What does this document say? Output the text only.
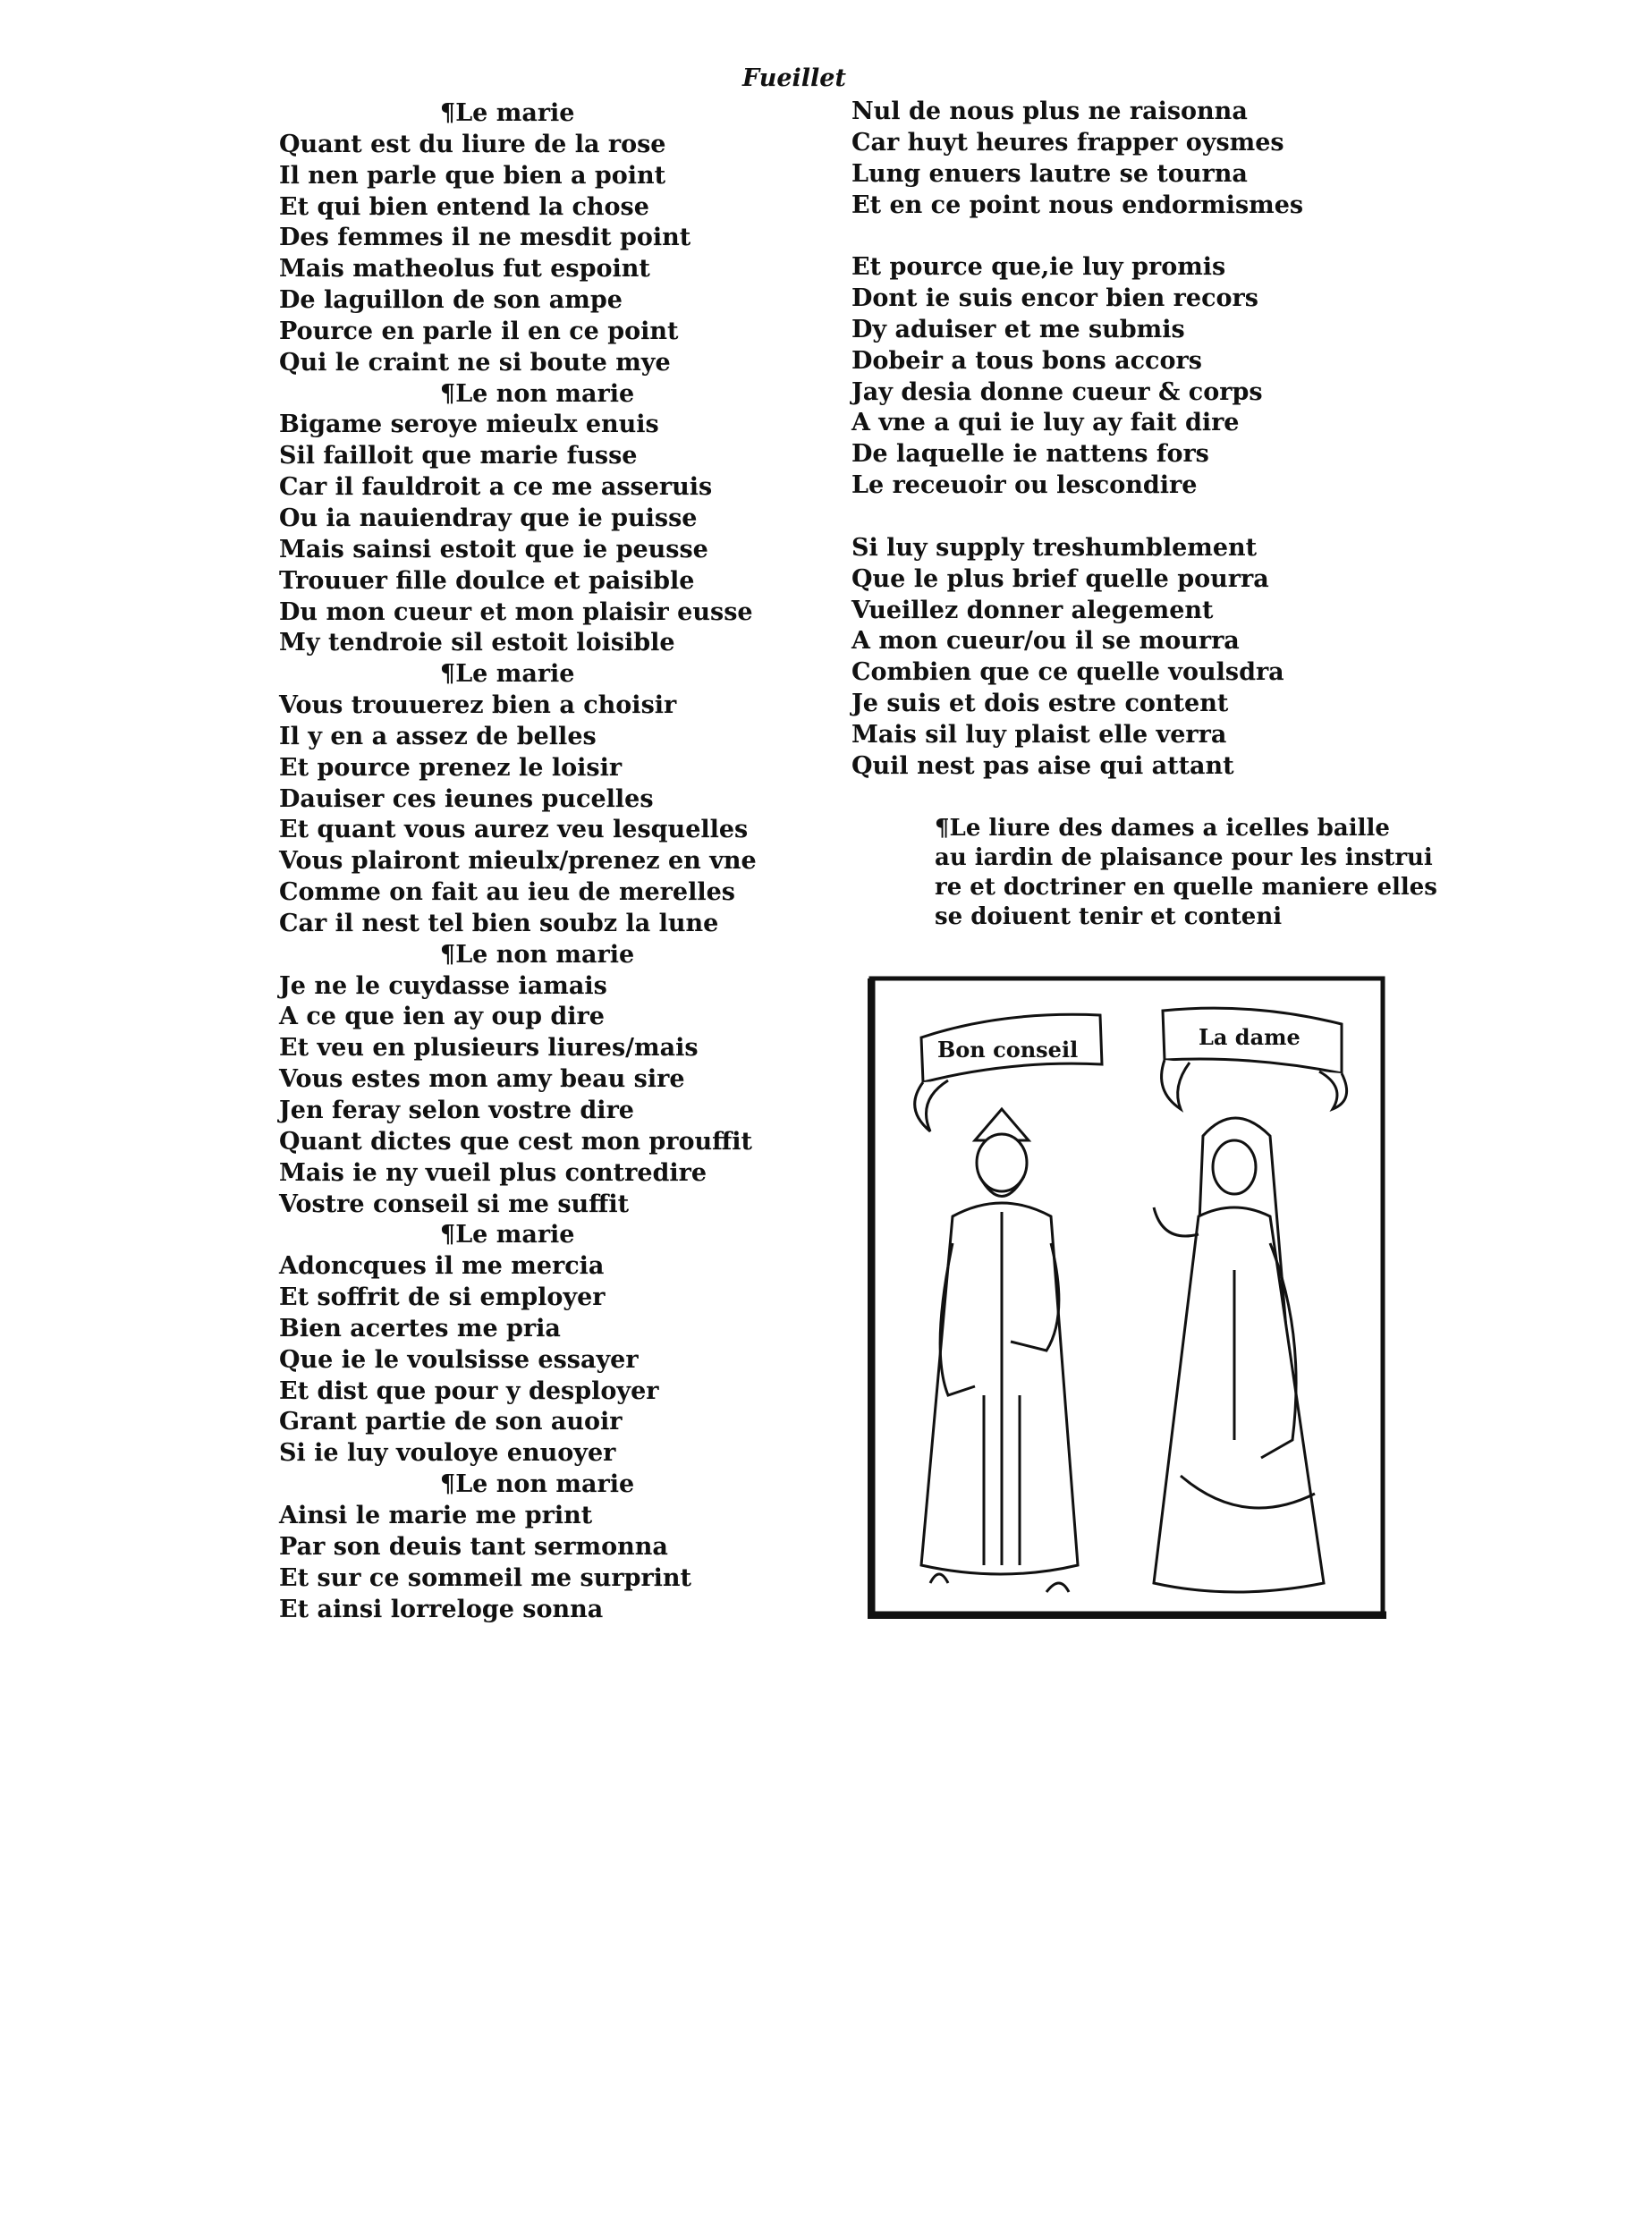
Fueillet
¶Le marie
Quant est du liure de la rose
Il nen parle que bien a point
Et qui bien entend la chose
Des femmes il ne mesdit point
Mais matheolus fut espoint
De laguillon de son ampe
Pource en parle il en ce point
Qui le craint ne si boute mye
¶Le non marie
Bigame seroye mieulx enuis
Sil failloit que marie fusse
Car il fauldroit a ce me asseruis
Ou ia nauiendray que ie puisse
Mais sainsi estoit que ie peusse
Trouuer fille doulce et paisible
Du mon cueur et mon plaisir eusse
My tendroie sil estoit loisible
¶Le marie
Vous trouuerez bien a choisir
Il y en a assez de belles
Et pource prenez le loisir
Dauiser ces ieunes pucelles
Et quant vous aurez veu lesquelles
Vous plairont mieulx/prenez en vne
Comme on fait au ieu de merelles
Car il nest tel bien soubz la lune
¶Le non marie
Je ne le cuydasse iamais
A ce que ien ay oup dire
Et veu en plusieurs liures/mais
Vous estes mon amy beau sire
Jen feray selon vostre dire
Quant dictes que cest mon prouffit
Mais ie ny vueil plus contredire
Vostre conseil si me suffit
¶Le marie
Adoncques il me mercia
Et soffrit de si employer
Bien acertes me pria
Que ie le voulsisse essayer
Et dist que pour y desployer
Grant partie de son auoir
Si ie luy vouloye enuoyer
¶Le non marie
Ainsi le marie me print
Par son deuis tant sermonna
Et sur ce sommeil me surprint
Et ainsi lorreloge sonna
Nul de nous plus ne raisonna
Car huyt heures frapper oysmes
Lung enuers lautre se tourna
Et en ce point nous endormismes
Et pource que,ie luy promis
Dont ie suis encor bien recors
Dy aduiser et me submis
Dobeir a tous bons accors
Jay desia donne cueur & corps
A vne a qui ie luy ay fait dire
De laquelle ie nattens fors
Le receuoir ou lescondire
Si luy supply treshumblement
Que le plus brief quelle pourra
Vueillez donner alegement
A mon cueur/ou il se mourra
Combien que ce quelle voulsdra
Je suis et dois estre content
Mais sil luy plaist elle verra
Quil nest pas aise qui attant
¶Le liure des dames a icelles baille
au iardin de plaisance pour les instrui
re et doctriner en quelle maniere elles
se doiuent tenir et conteni
Bon conseil	La dame
